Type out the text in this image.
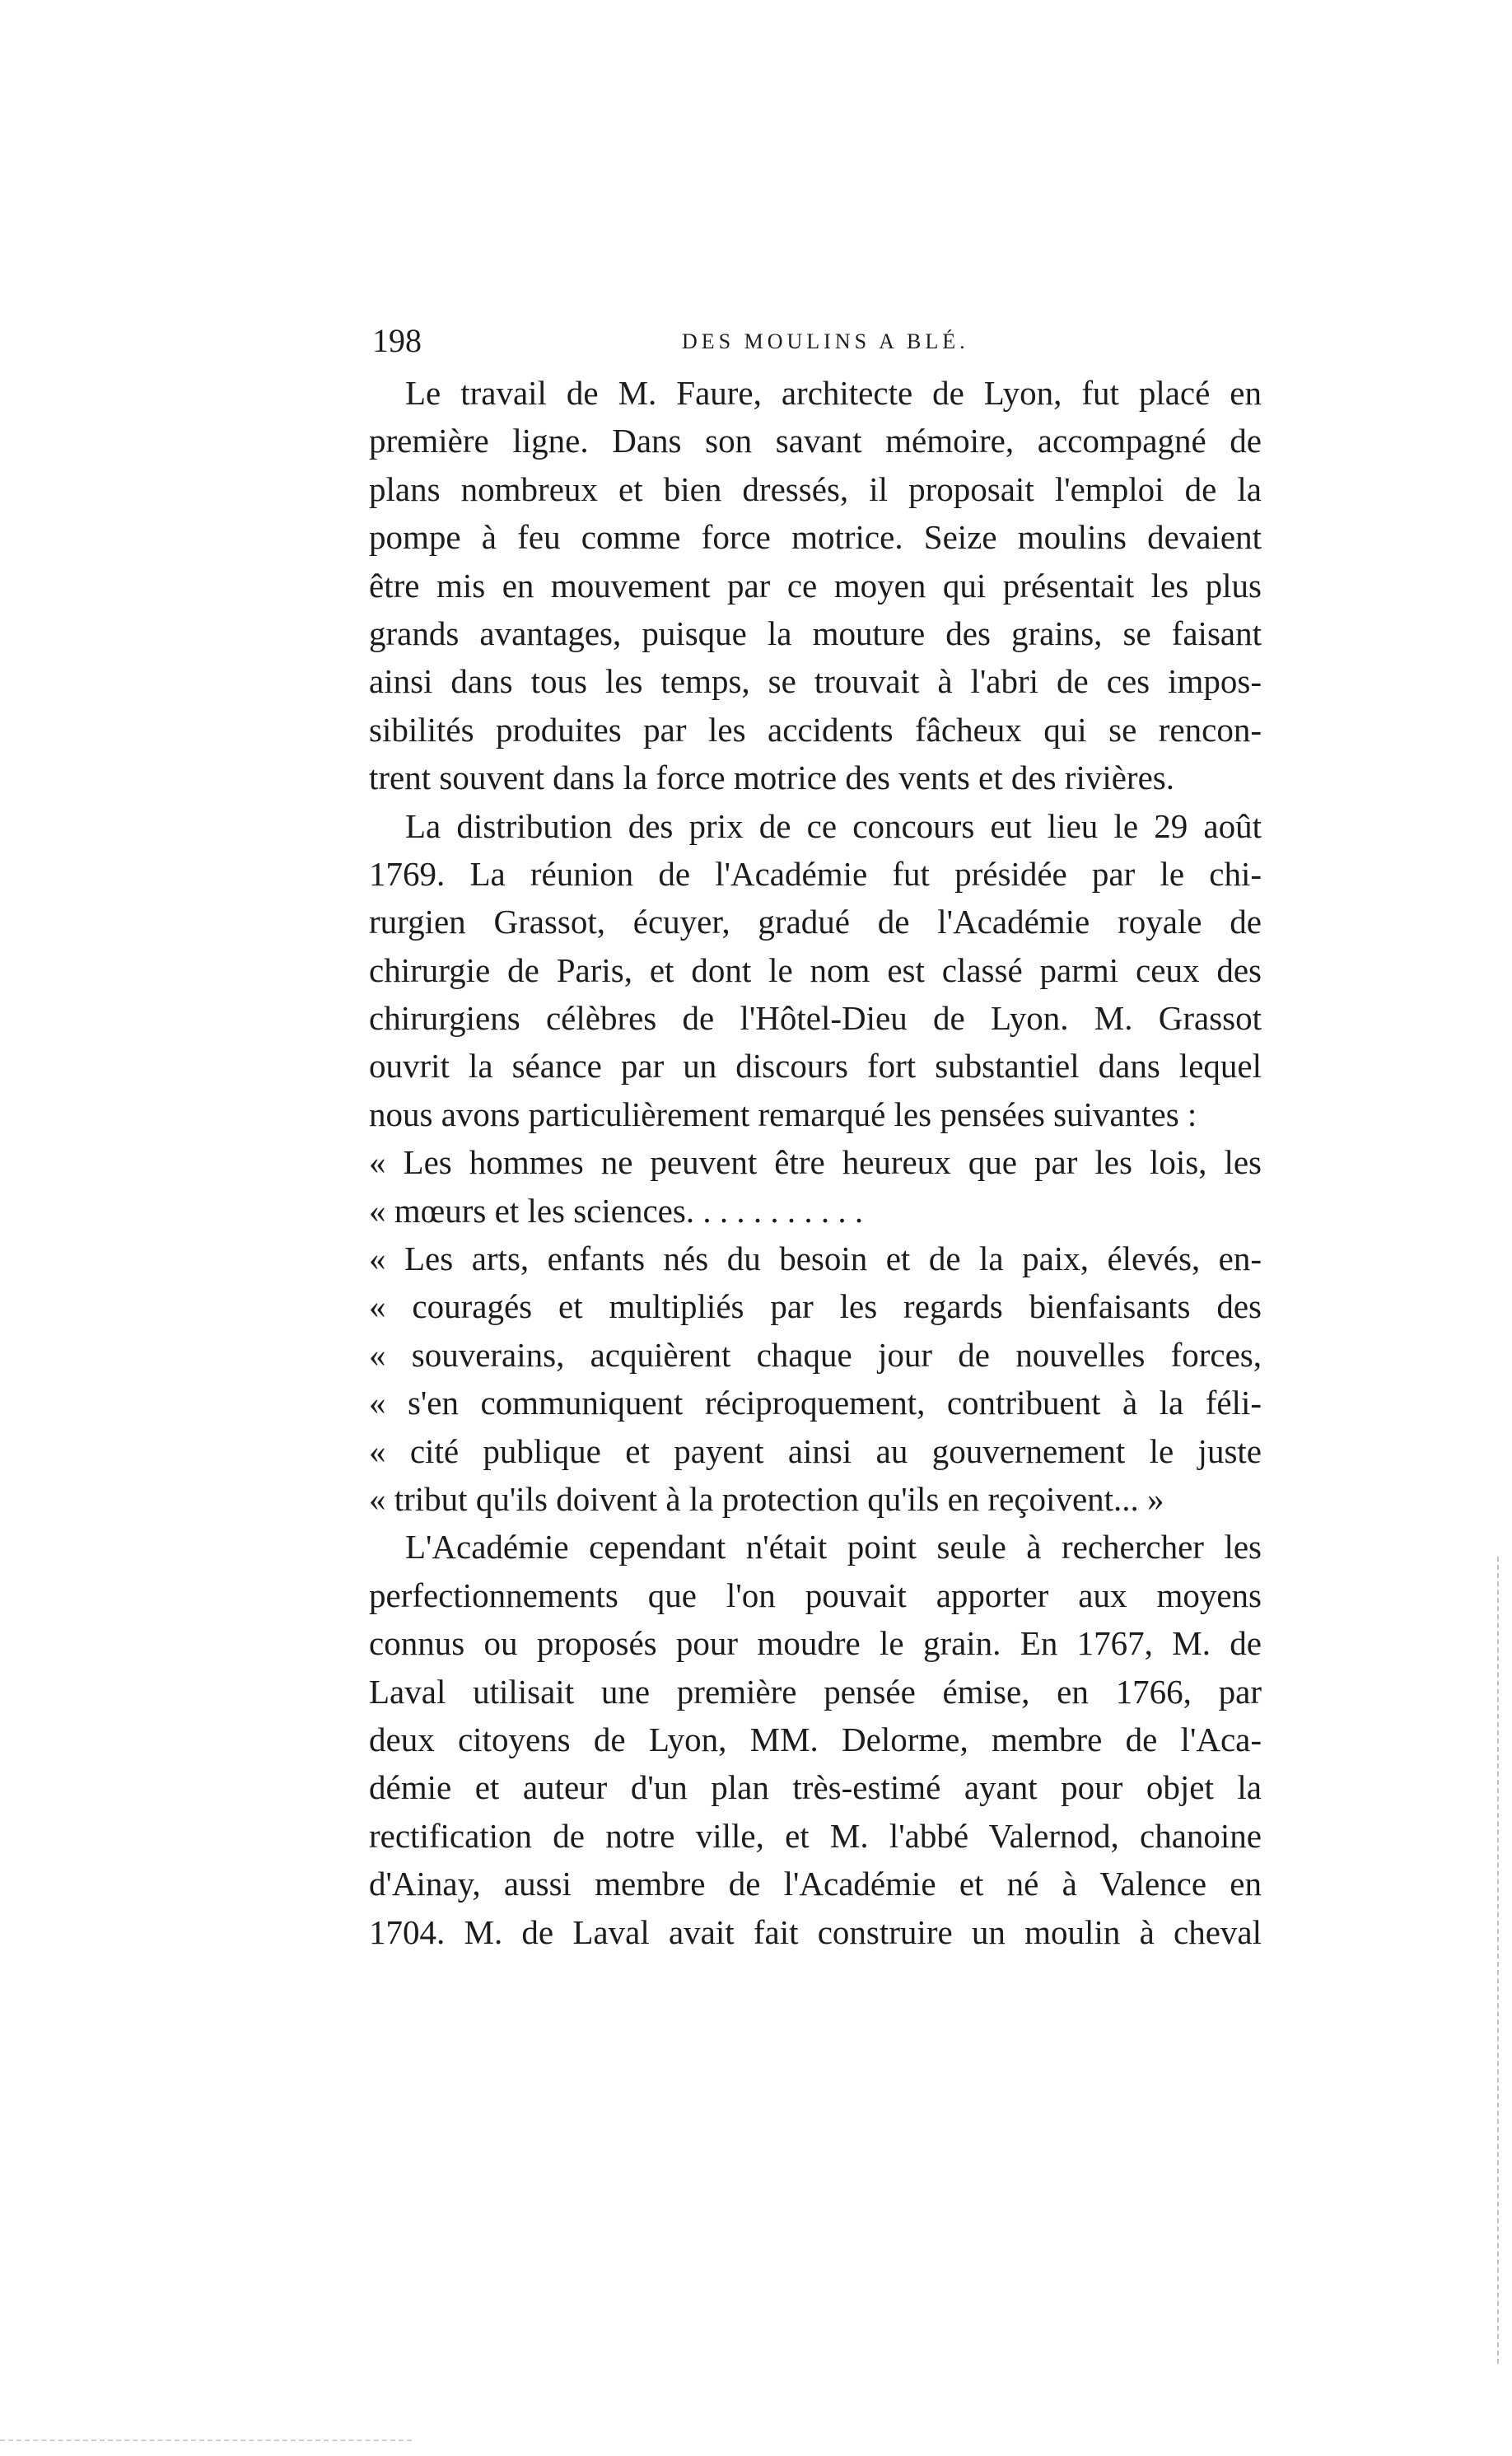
198	DES MOULINS A BLÉ.
Le travail de M. Faure, architecte de Lyon, fut placé en
première ligne. Dans son savant mémoire, accompagné de
plans nombreux et bien dressés, il proposait l'emploi de la
pompe à feu comme force motrice. Seize moulins devaient
être mis en mouvement par ce moyen qui présentait les plus
grands avantages, puisque la mouture des grains, se faisant
ainsi dans tous les temps, se trouvait à l'abri de ces impos-
sibilités produites par les accidents fâcheux qui se rencon-
trent souvent dans la force motrice des vents et des rivières.
La distribution des prix de ce concours eut lieu le 29 août
1769. La réunion de l'Académie fut présidée par le chi-
rurgien Grassot, écuyer, gradué de l'Académie royale de
chirurgie de Paris, et dont le nom est classé parmi ceux des
chirurgiens célèbres de l'Hôtel-Dieu de Lyon. M. Grassot
ouvrit la séance par un discours fort substantiel dans lequel
nous avons particulièrement remarqué les pensées suivantes :
« Les hommes ne peuvent être heureux que par les lois, les
« mœurs et les sciences. . . . . . . . . . .
« Les arts, enfants nés du besoin et de la paix, élevés, en-
« couragés et multipliés par les regards bienfaisants des
« souverains, acquièrent chaque jour de nouvelles forces,
« s'en communiquent réciproquement, contribuent à la féli-
« cité publique et payent ainsi au gouvernement le juste
« tribut qu'ils doivent à la protection qu'ils en reçoivent... »
L'Académie cependant n'était point seule à rechercher les
perfectionnements que l'on pouvait apporter aux moyens
connus ou proposés pour moudre le grain. En 1767, M. de
Laval utilisait une première pensée émise, en 1766, par
deux citoyens de Lyon, MM. Delorme, membre de l'Aca-
démie et auteur d'un plan très-estimé ayant pour objet la
rectification de notre ville, et M. l'abbé Valernod, chanoine
d'Ainay, aussi membre de l'Académie et né à Valence en
1704. M. de Laval avait fait construire un moulin à cheval
